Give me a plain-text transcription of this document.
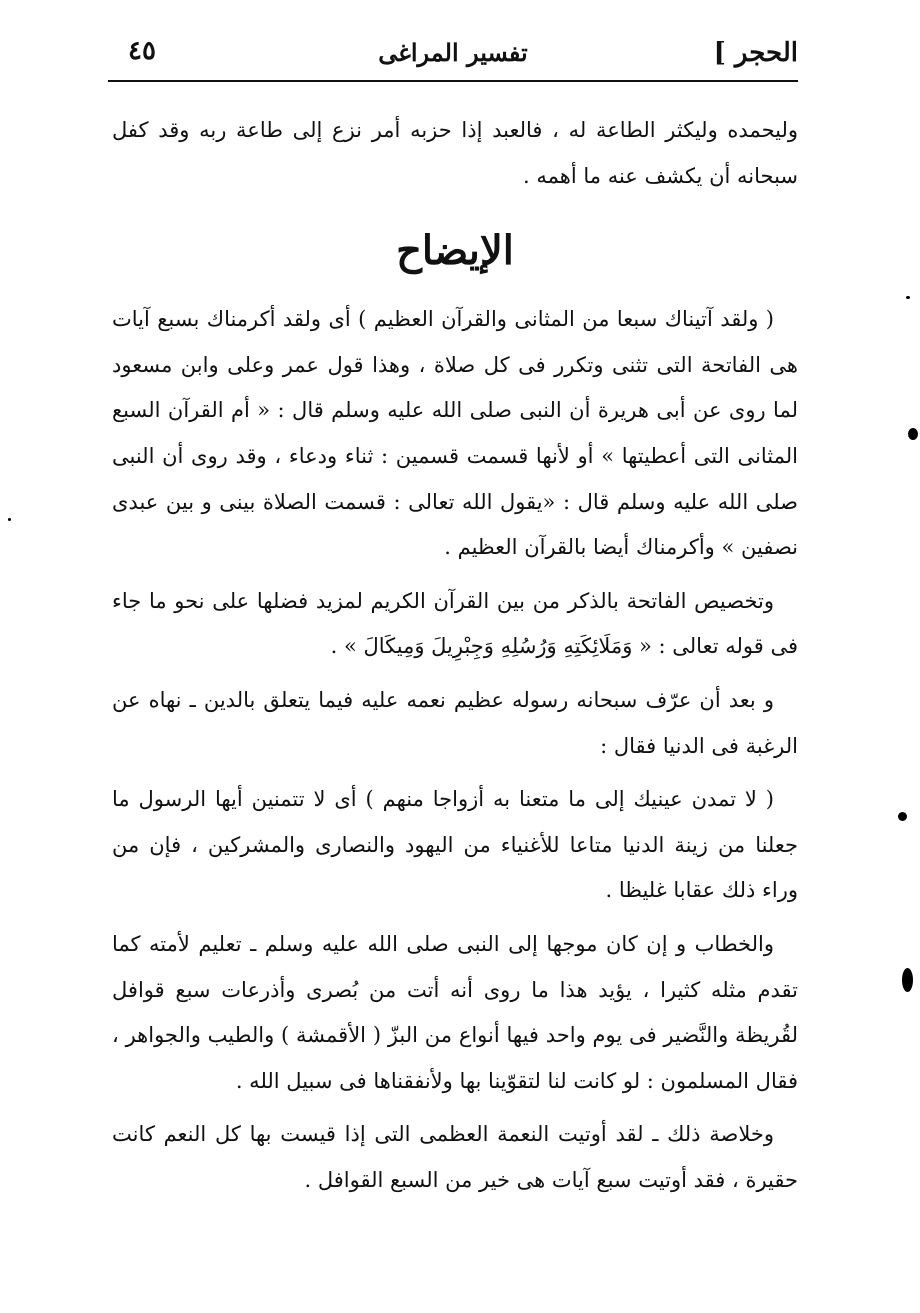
الحجر ]
تفسير المراغى
٤٥

وليحمده وليكثر الطاعة له ، فالعبد إذا حزبه أمر نزع إلى طاعة ربه وقد كفل سبحانه أن يكشف عنه ما أهمه .

الإيضاح

( ولقد آتيناك سبعا من المثانى والقرآن العظيم ) أى ولقد أكرمناك بسبع آيات هى الفاتحة التى تثنى وتكرر فى كل صلاة ، وهذا قول عمر وعلى وابن مسعود لما روى عن أبى هريرة أن النبى صلى الله عليه وسلم قال : « أم القرآن السبع المثانى التى أعطيتها » أو لأنها قسمت قسمين : ثناء ودعاء ، وقد روى أن النبى صلى الله عليه وسلم قال : «يقول الله تعالى : قسمت الصلاة بينى و بين عبدى نصفين » وأكرمناك أيضا بالقرآن العظيم .

وتخصيص الفاتحة بالذكر من بين القرآن الكريم لمزيد فضلها على نحو ما جاء فى قوله تعالى : « وَمَلَائِكَتِهِ وَرُسُلِهِ وَجِبْرِيلَ وَمِيكَالَ » .

و بعد أن عرّف سبحانه رسوله عظيم نعمه عليه فيما يتعلق بالدين ـ نهاه عن الرغبة فى الدنيا فقال :

( لا تمدن عينيك إلى ما متعنا به أزواجا منهم ) أى لا تتمنين أيها الرسول ما جعلنا من زينة الدنيا متاعا للأغنياء من اليهود والنصارى والمشركين ، فإن من وراء ذلك عقابا غليظا .

والخطاب و إن كان موجها إلى النبى صلى الله عليه وسلم ـ تعليم لأمته كما تقدم مثله كثيرا ، يؤيد هذا ما روى أنه أتت من بُصرى وأذرعات سبع قوافل لقُريظة والنَّضير فى يوم واحد فيها أنواع من البزّ ( الأقمشة ) والطيب والجواهر ، فقال المسلمون : لو كانت لنا لتقوّينا بها ولأنفقناها فى سبيل الله .

وخلاصة ذلك ـ لقد أوتيت النعمة العظمى التى إذا قيست بها كل النعم كانت حقيرة ، فقد أوتيت سبع آيات هى خير من السبع القوافل .
